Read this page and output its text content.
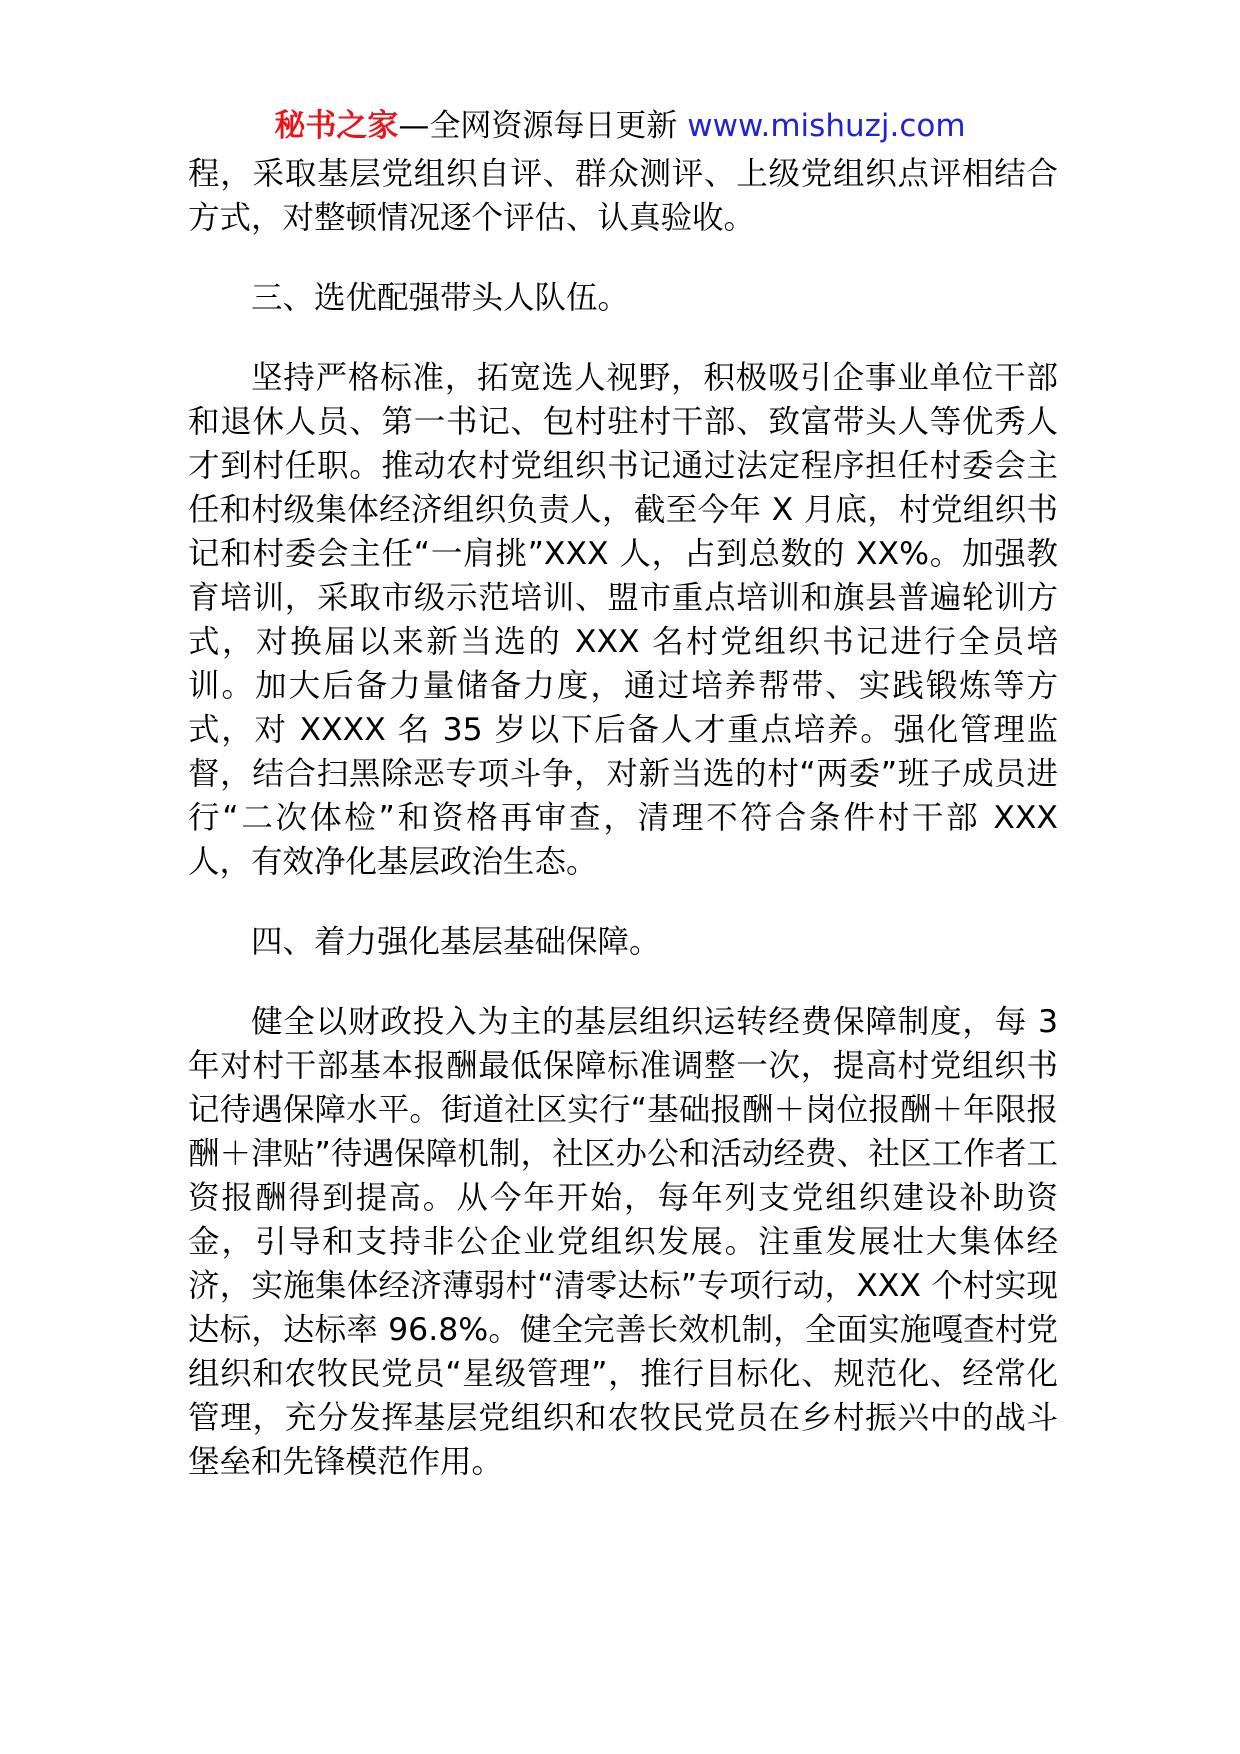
秘书之家—全网资源每日更新 www.mishuzj.com

程，采取基层党组织自评、群众测评、上级党组织点评相结合方式，对整顿情况逐个评估、认真验收。

三、选优配强带头人队伍。

坚持严格标准，拓宽选人视野，积极吸引企事业单位干部和退休人员、第一书记、包村驻村干部、致富带头人等优秀人才到村任职。推动农村党组织书记通过法定程序担任村委会主任和村级集体经济组织负责人，截至今年 X 月底，村党组织书记和村委会主任“一肩挑”XXX 人，占到总数的 XX%。加强教育培训，采取市级示范培训、盟市重点培训和旗县普遍轮训方式，对换届以来新当选的 XXX 名村党组织书记进行全员培训。加大后备力量储备力度，通过培养帮带、实践锻炼等方式，对 XXXX 名 35 岁以下后备人才重点培养。强化管理监督，结合扫黑除恶专项斗争，对新当选的村“两委”班子成员进行“二次体检”和资格再审查，清理不符合条件村干部 XXX 人，有效净化基层政治生态。

四、着力强化基层基础保障。

健全以财政投入为主的基层组织运转经费保障制度，每 3 年对村干部基本报酬最低保障标准调整一次，提高村党组织书记待遇保障水平。街道社区实行“基础报酬＋岗位报酬＋年限报酬＋津贴”待遇保障机制，社区办公和活动经费、社区工作者工资报酬得到提高。从今年开始，每年列支党组织建设补助资金，引导和支持非公企业党组织发展。注重发展壮大集体经济，实施集体经济薄弱村“清零达标”专项行动，XXX 个村实现达标，达标率 96.8%。健全完善长效机制，全面实施嘎查村党组织和农牧民党员“星级管理”，推行目标化、规范化、经常化管理，充分发挥基层党组织和农牧民党员在乡村振兴中的战斗堡垒和先锋模范作用。
